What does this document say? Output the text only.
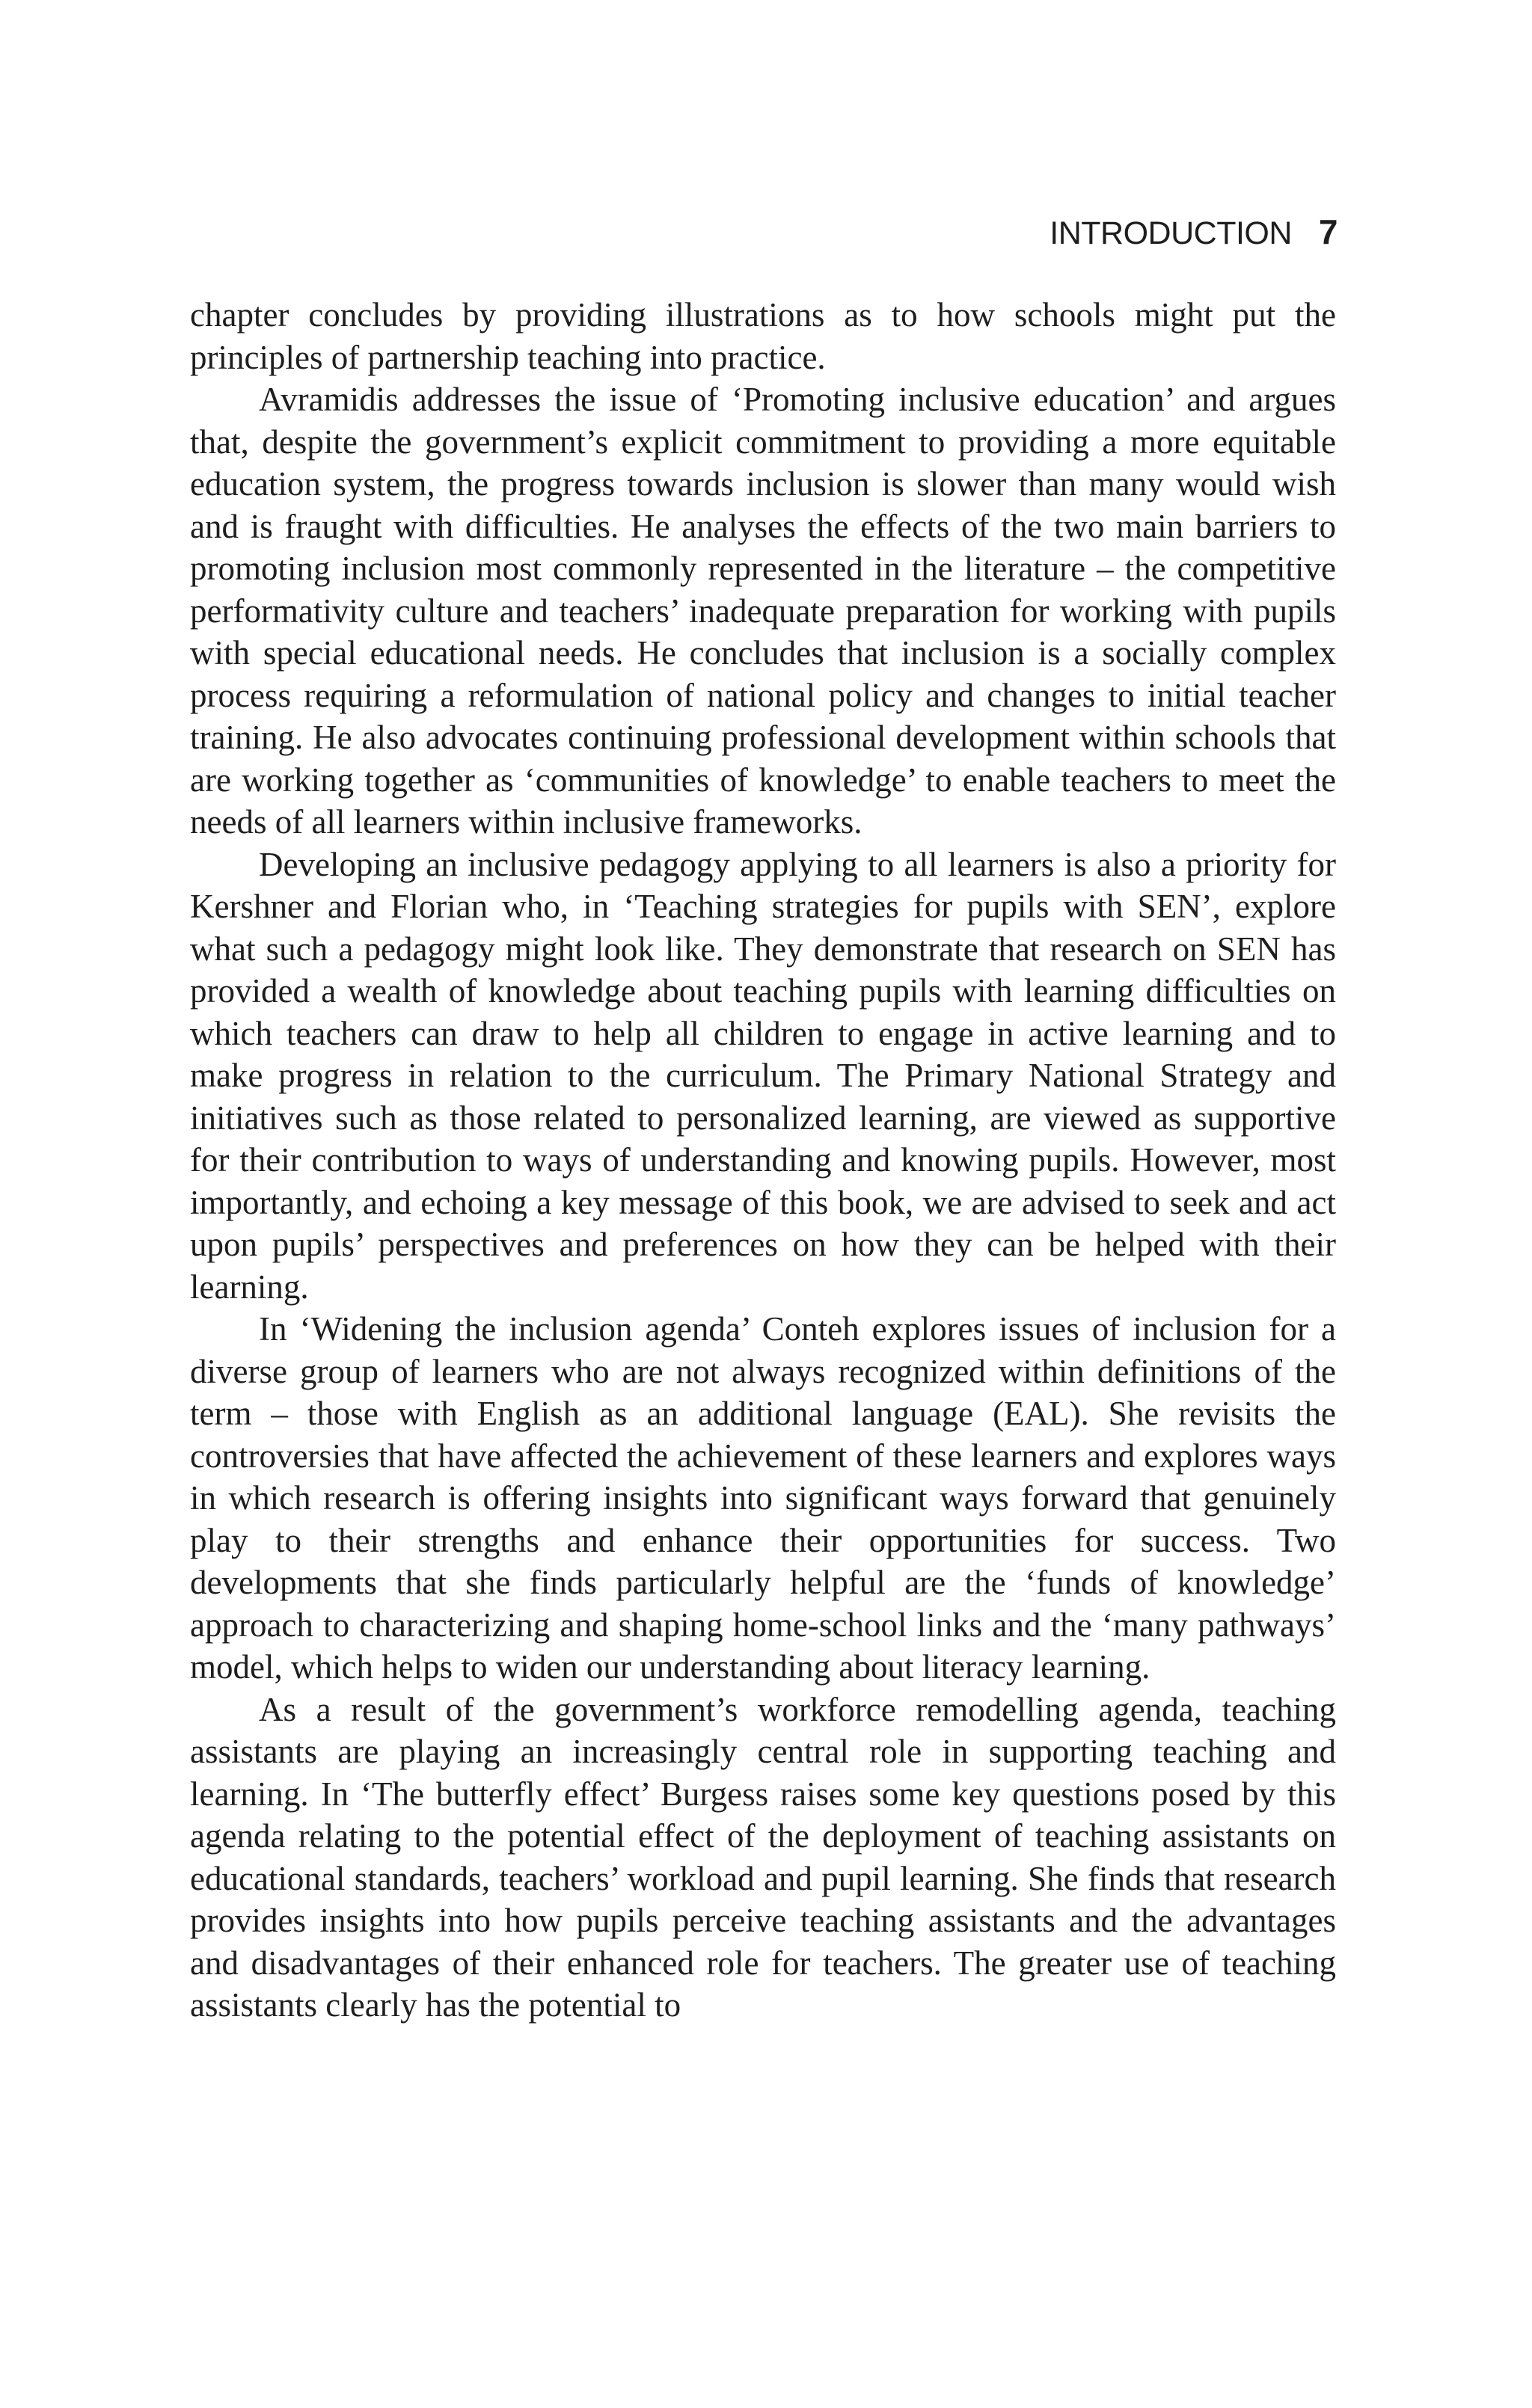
INTRODUCTION 7

chapter concludes by providing illustrations as to how schools might put the principles of partnership teaching into practice.

Avramidis addresses the issue of ‘Promoting inclusive education’ and argues that, despite the government’s explicit commitment to providing a more equitable education system, the progress towards inclusion is slower than many would wish and is fraught with difficulties. He analyses the effects of the two main barriers to promoting inclusion most commonly represented in the literature – the competitive performativity culture and teachers’ inadequate preparation for working with pupils with special educational needs. He concludes that inclusion is a socially complex process requiring a reformulation of national policy and changes to initial teacher training. He also advocates continuing professional development within schools that are working together as ‘communities of knowledge’ to enable teachers to meet the needs of all learners within inclusive frameworks.

Developing an inclusive pedagogy applying to all learners is also a priority for Kershner and Florian who, in ‘Teaching strategies for pupils with SEN’, explore what such a pedagogy might look like. They demonstrate that research on SEN has provided a wealth of knowledge about teaching pupils with learning difficulties on which teachers can draw to help all children to engage in active learning and to make progress in relation to the curriculum. The Primary National Strategy and initiatives such as those related to personalized learning, are viewed as supportive for their contribution to ways of understanding and knowing pupils. However, most importantly, and echoing a key message of this book, we are advised to seek and act upon pupils’ perspectives and preferences on how they can be helped with their learning.

In ‘Widening the inclusion agenda’ Conteh explores issues of inclusion for a diverse group of learners who are not always recognized within definitions of the term – those with English as an additional language (EAL). She revisits the controversies that have affected the achievement of these learners and explores ways in which research is offering insights into significant ways forward that genuinely play to their strengths and enhance their opportunities for success. Two developments that she finds particularly helpful are the ‘funds of knowledge’ approach to characterizing and shaping home-school links and the ‘many pathways’ model, which helps to widen our understanding about literacy learning.

As a result of the government’s workforce remodelling agenda, teaching assistants are playing an increasingly central role in supporting teaching and learning. In ‘The butterfly effect’ Burgess raises some key questions posed by this agenda relating to the potential effect of the deployment of teaching assistants on educational standards, teachers’ workload and pupil learning. She finds that research provides insights into how pupils perceive teaching assistants and the advantages and disadvantages of their enhanced role for teachers. The greater use of teaching assistants clearly has the potential to
